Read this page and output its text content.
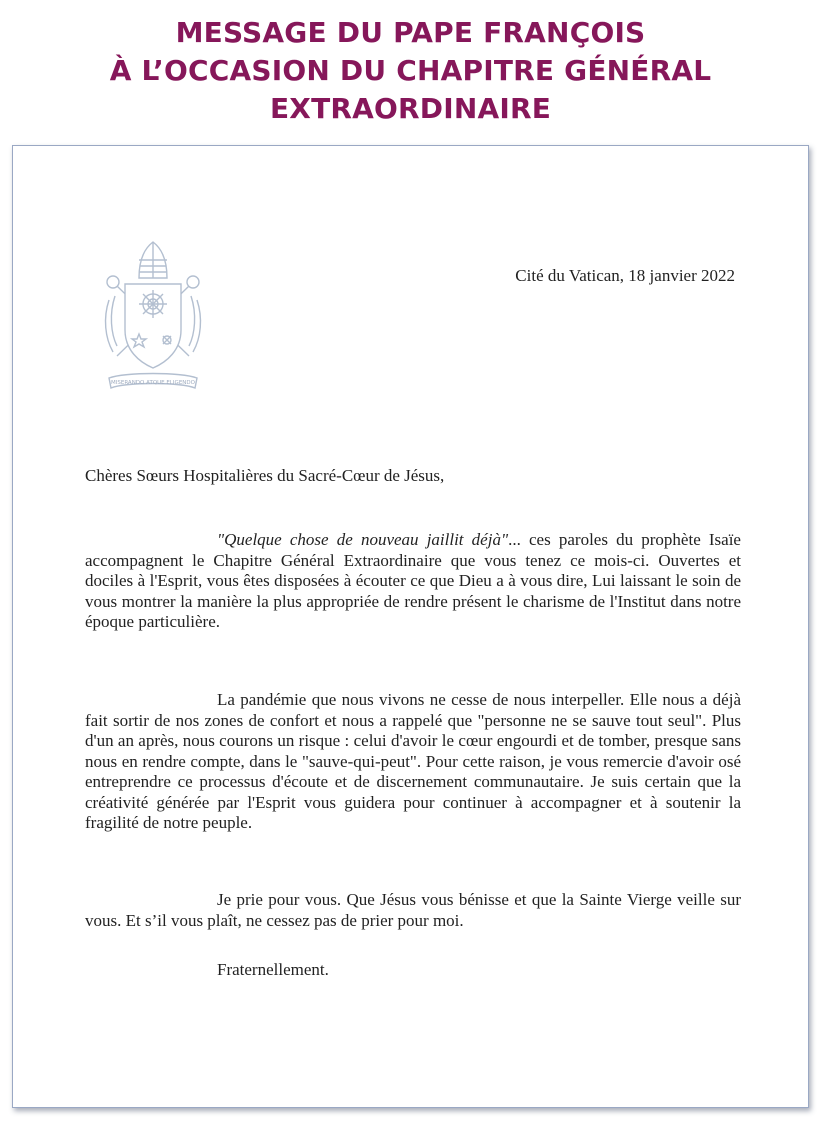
MESSAGE DU PAPE FRANÇOIS
À L’OCCASION DU CHAPITRE GÉNÉRAL
EXTRAORDINAIRE
MISERANDO ATQUE ELIGENDO
Cité du Vatican, 18 janvier 2022
Chères Sœurs Hospitalières du Sacré-Cœur de Jésus,

"Quelque chose de nouveau jaillit déjà"... ces paroles du prophète Isaïe accompagnent le Chapitre Général Extraordinaire que vous tenez ce mois-ci. Ouvertes et dociles à l'Esprit, vous êtes disposées à écouter ce que Dieu a à vous dire, Lui laissant le soin de vous montrer la manière la plus appropriée de rendre présent le charisme de l'Institut dans notre époque particulière.

La pandémie que nous vivons ne cesse de nous interpeller. Elle nous a déjà fait sortir de nos zones de confort et nous a rappelé que "personne ne se sauve tout seul". Plus d'un an après, nous courons un risque : celui d'avoir le cœur engourdi et de tomber, presque sans nous en rendre compte, dans le "sauve-qui-peut". Pour cette raison, je vous remercie d'avoir osé entreprendre ce processus d'écoute et de discernement communautaire. Je suis certain que la créativité générée par l'Esprit vous guidera pour continuer à accompagner et à soutenir la fragilité de notre peuple.

Je prie pour vous. Que Jésus vous bénisse et que la Sainte Vierge veille sur vous. Et s’il vous plaît, ne cessez pas de prier pour moi.

Fraternellement.
